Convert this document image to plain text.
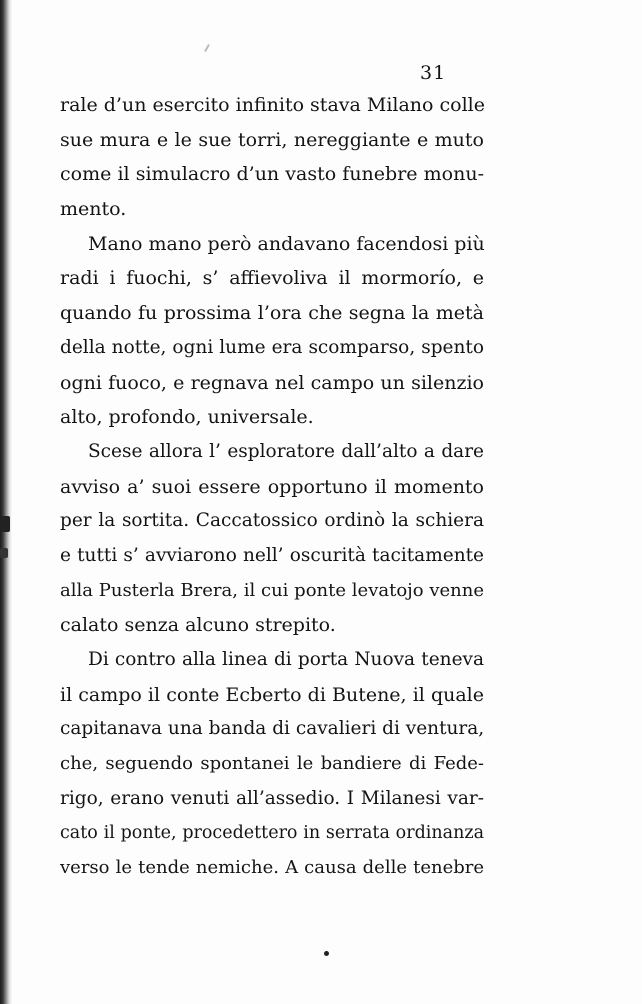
31
rale d’un esercito infinito stava Milano colle
sue mura e le sue torri, nereggiante e muto
come il simulacro d’un vasto funebre monu-
mento.
Mano mano però andavano facendosi più
radi i fuochi, s’ affievoliva il mormorío, e
quando fu prossima l’ora che segna la metà
della notte, ogni lume era scomparso, spento
ogni fuoco, e regnava nel campo un silenzio
alto, profondo, universale.
Scese allora l’ esploratore dall’alto a dare
avviso a’ suoi essere opportuno il momento
per la sortita. Caccatossico ordinò la schiera
e tutti s’ avviarono nell’ oscurità tacitamente
alla Pusterla Brera, il cui ponte levatojo venne
calato senza alcuno strepito.
Di contro alla linea di porta Nuova teneva
il campo il conte Ecberto di Butene, il quale
capitanava una banda di cavalieri di ventura,
che, seguendo spontanei le bandiere di Fede-
rigo, erano venuti all’assedio. I Milanesi var-
cato il ponte, procedettero in serrata ordinanza
verso le tende nemiche. A causa delle tenebre
